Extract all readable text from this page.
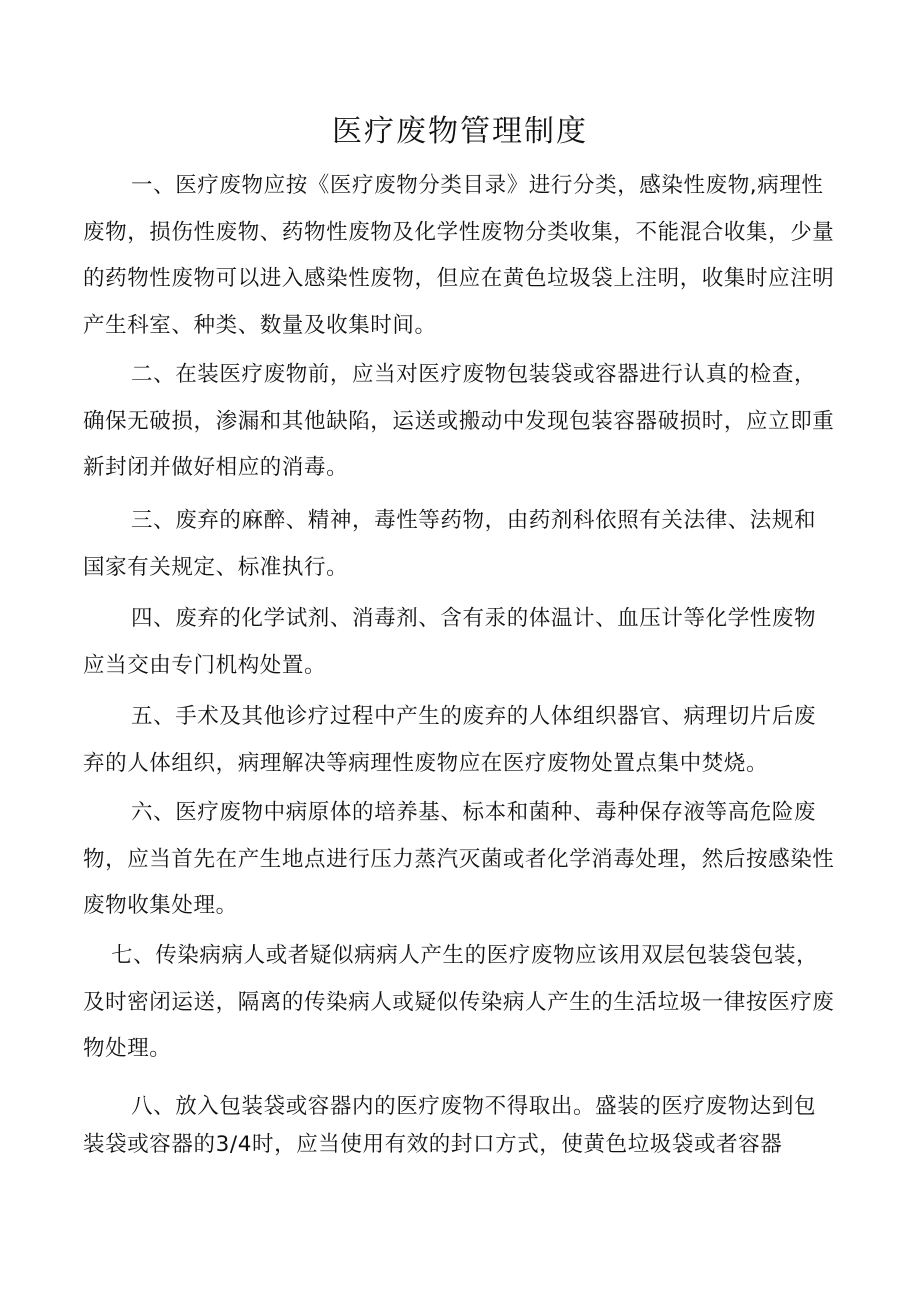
医疗废物管理制度
一、医疗废物应按《医疗废物分类目录》进行分类，感染性废物,病理性废物，损伤性废物、药物性废物及化学性废物分类收集，不能混合收集，少量的药物性废物可以进入感染性废物，但应在黄色垃圾袋上注明，收集时应注明产生科室、种类、数量及收集时间。
二、在装医疗废物前，应当对医疗废物包装袋或容器进行认真的检查，确保无破损，渗漏和其他缺陷，运送或搬动中发现包装容器破损时，应立即重新封闭并做好相应的消毒。
三、废弃的麻醉、精神，毒性等药物，由药剂科依照有关法律、法规和国家有关规定、标准执行。
四、废弃的化学试剂、消毒剂、含有汞的体温计、血压计等化学性废物应当交由专门机构处置。
五、手术及其他诊疗过程中产生的废弃的人体组织器官、病理切片后废弃的人体组织，病理解决等病理性废物应在医疗废物处置点集中焚烧。
六、医疗废物中病原体的培养基、标本和菌种、毒种保存液等高危险废物，应当首先在产生地点进行压力蒸汽灭菌或者化学消毒处理，然后按感染性废物收集处理。
七、传染病病人或者疑似病病人产生的医疗废物应该用双层包装袋包装，及时密闭运送，隔离的传染病人或疑似传染病人产生的生活垃圾一律按医疗废物处理。
八、放入包装袋或容器内的医疗废物不得取出。盛装的医疗废物达到包装袋或容器的3/4时，应当使用有效的封口方式，使黄色垃圾袋或者容器
